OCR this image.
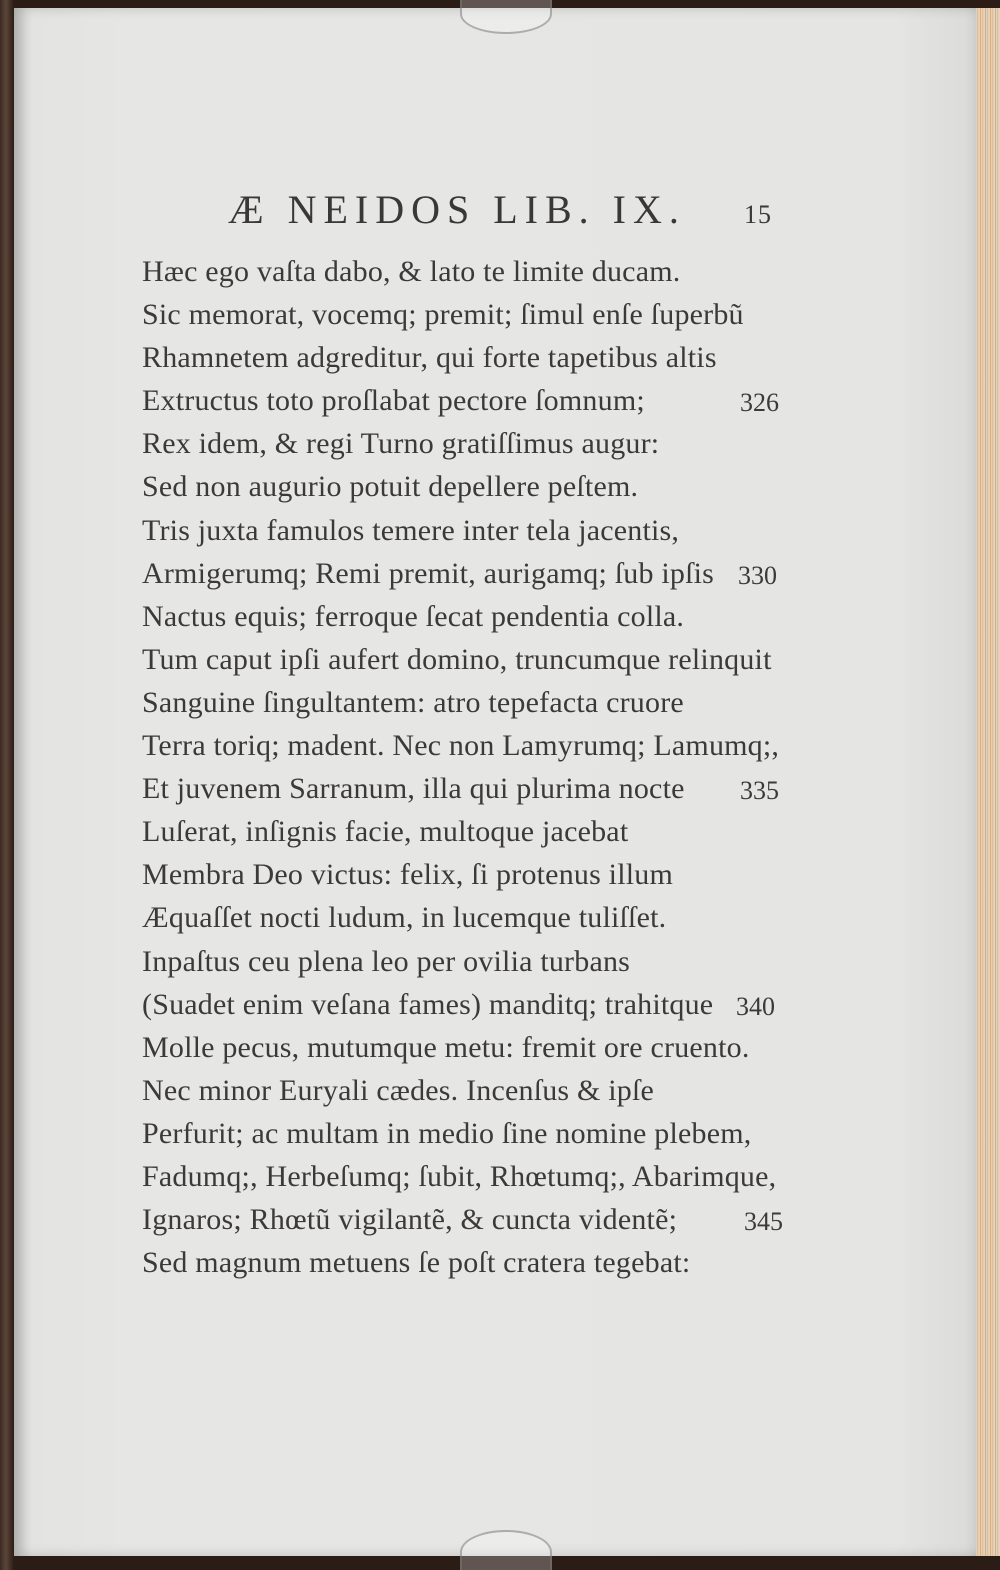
Æ NEIDOS LIB. IX. 15
Hæc ego vaſta dabo, & lato te limite ducam.
Sic memorat, vocemq; premit; ſimul enſe ſuperbũ
Rhamnetem adgreditur, qui forte tapetibus altis
Extructus toto proſlabat pectore ſomnum;	326
Rex idem, & regi Turno gratiſſimus augur:
Sed non augurio potuit depellere peſtem.
Tris juxta famulos temere inter tela jacentis,
Armigerumq; Remi premit, aurigamq; ſub ipſis 330
Nactus equis; ferroque ſecat pendentia colla.
Tum caput ipſi aufert domino, truncumque relinquit
Sanguine ſingultantem: atro tepefacta cruore
Terra toriq; madent. Nec non Lamyrumq; Lamumq;,
Et juvenem Sarranum, illa qui plurima nocte 335
Luſerat, inſignis facie, multoque jacebat
Membra Deo victus: felix, ſi protenus illum
Æquaſſet nocti ludum, in lucemque tuliſſet.
Inpaſtus ceu plena leo per ovilia turbans
(Suadet enim veſana fames) manditq; trahitque 340
Molle pecus, mutumque metu: fremit ore cruento.
Nec minor Euryali cædes. Incenſus & ipſe
Perfurit; ac multam in medio ſine nomine plebem,
Fadumq;, Herbeſumq; ſubit, Rhœtumq;, Abarimque,
Ignaros; Rhœtũ vigilantẽ, & cuncta videntẽ;	345
Sed magnum metuens ſe poſt cratera tegebat:
